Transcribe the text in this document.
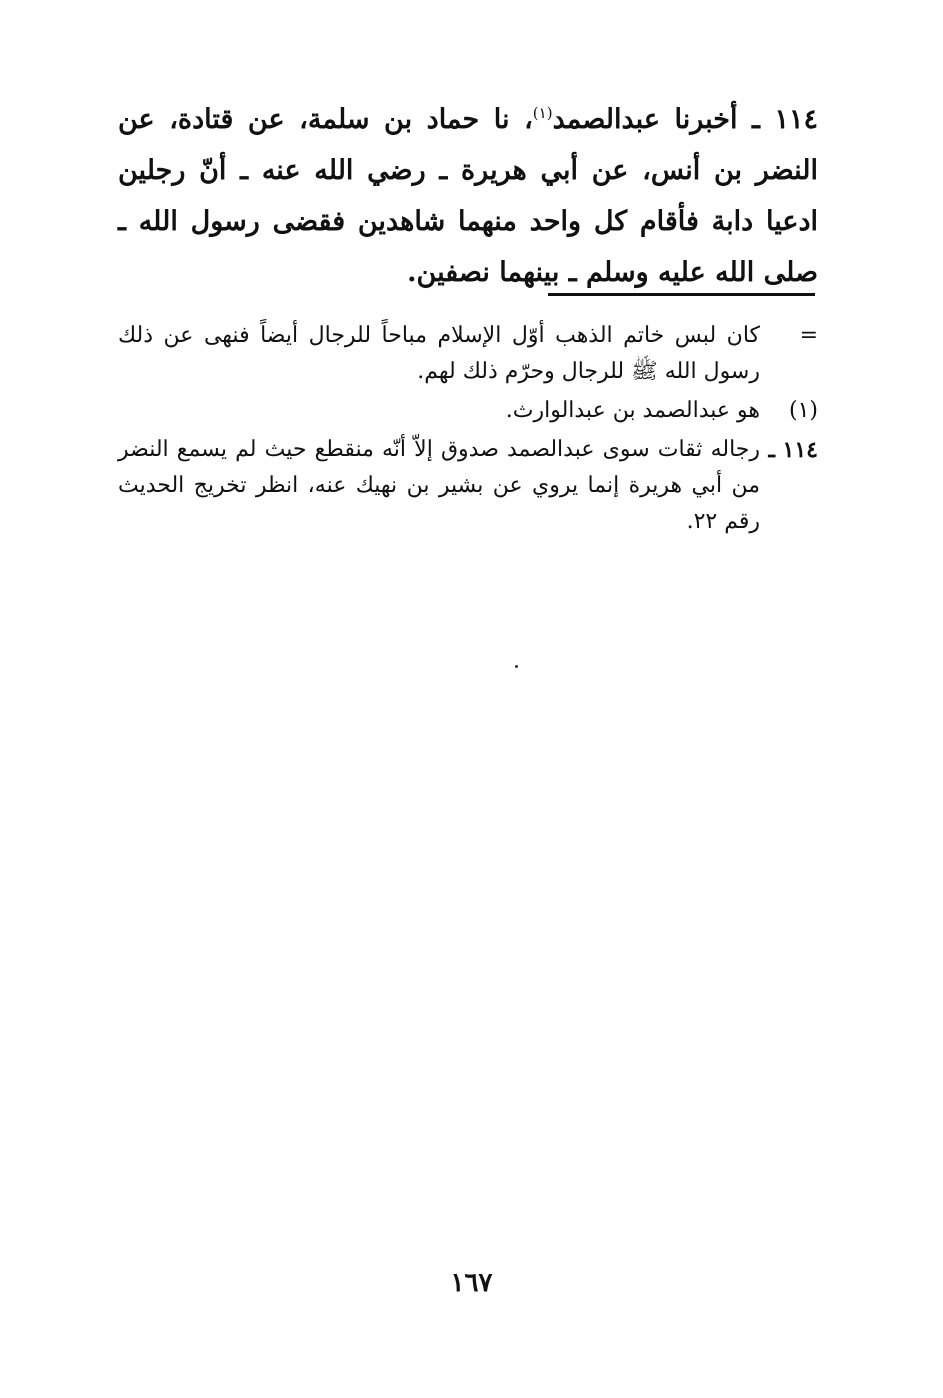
١١٤ ـ أخبرنا عبدالصمد$^{(١)}$، نا حماد بن سلمة، عن قتادة، عن النضر بن أنس، عن أبي هريرة ـ رضي الله عنه ـ أنّ رجلين ادعيا دابة فأقام كل واحد منهما شاهدين فقضى رسول الله ـ صلى الله عليه وسلم ـ بينهما نصفين.

=
كان لبس خاتم الذهب أوّل الإسلام مباحاً للرجال أيضاً فنهى عن ذلك رسول الله ﷺ للرجال وحرّم ذلك لهم.
(١)
هو عبدالصمد بن عبدالوارث.
١١٤ ـ
رجاله ثقات سوى عبدالصمد صدوق إلاّ أنّه منقطع حيث لم يسمع النضر من أبي هريرة إنما يروي عن بشير بن نهيك عنه، انظر تخريج الحديث رقم ٢٢.
١٦٧
